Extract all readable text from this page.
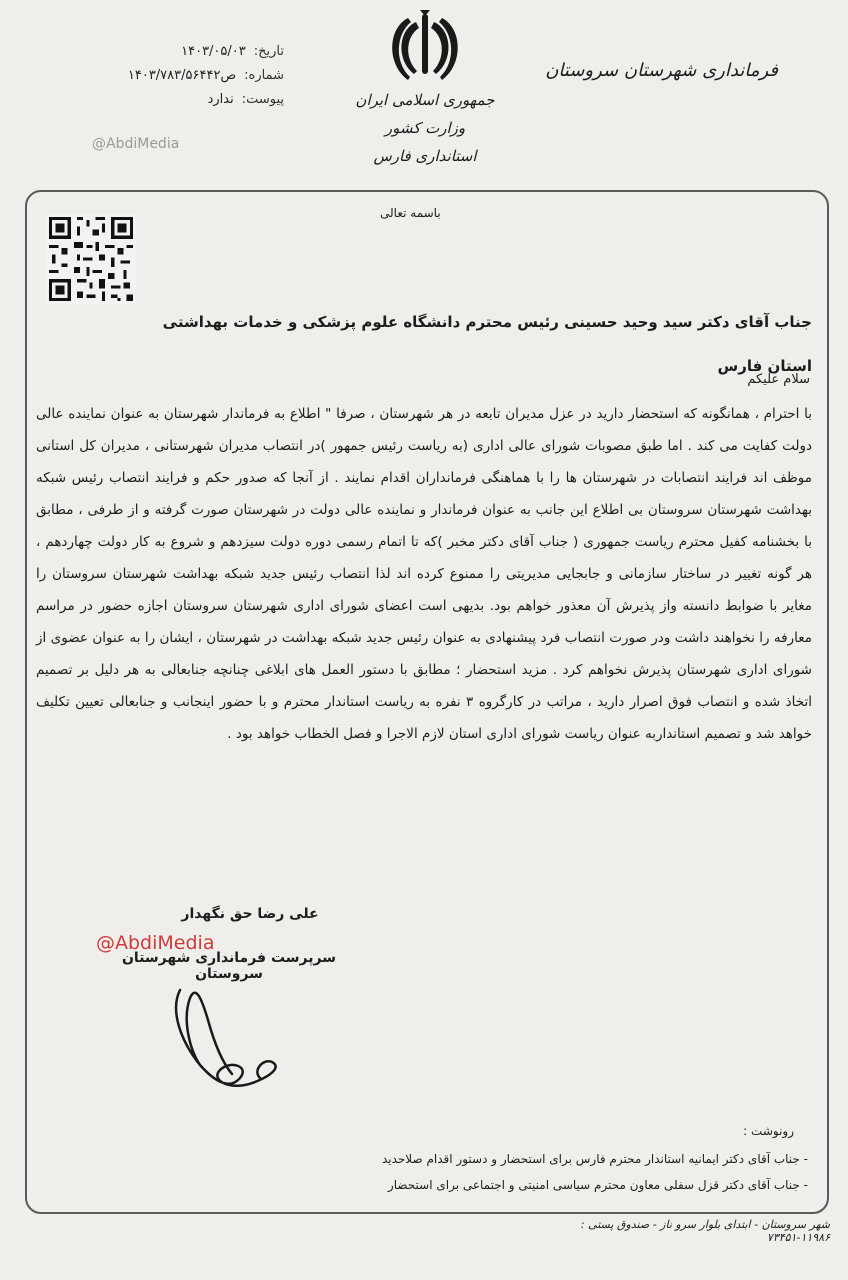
تاریخ:
۱۴۰۳/۰۵/۰۳
شماره:
ص۱۴۰۳/۷۸۳/۵۶۴۴۲
پیوست:
ندارد
@AbdiMedia
جمهوری اسلامی ایران
وزارت کشور
استانداری فارس
فرمانداری شهرستان سروستان
باسمه تعالی
جناب آقای دکتر سید وحید حسینی رئیس محترم دانشگاه علوم پزشکی و خدمات بهداشتی
استان فارس
سلام علیکم
با احترام ، همانگونه که استحضار دارید در عزل مدیران تابعه در هر شهرستان ، صرفا " اطلاع به فرماندار شهرستان به عنوان نماینده عالی دولت کفایت می کند . اما طبق مصوبات شورای عالی اداری (به ریاست رئیس جمهور )در انتصاب مدیران شهرستانی ، مدیران کل استانی موظف اند فرایند انتصابات در شهرستان ها را با هماهنگی فرمانداران اقدام نمایند . از آنجا که صدور حکم و فرایند انتصاب رئیس شبکه بهداشت شهرستان سروستان بی اطلاع این جانب به عنوان فرماندار و نماینده عالی دولت در شهرستان صورت گرفته و از طرفی ، مطابق با بخشنامه کفیل محترم ریاست جمهوری ( جناب آقای دکتر مخبر )که تا اتمام رسمی دوره دولت سیزدهم و شروع به کار دولت چهاردهم ، هر گونه تغییر در ساختار سازمانی و جابجایی مدیریتی را ممنوع کرده اند لذا انتصاب رئیس جدید شبکه بهداشت شهرستان سروستان را مغایر با ضوابط دانسته واز پذیرش آن معذور خواهم بود. بدیهی است اعضای شورای اداری شهرستان سروستان اجازه حضور در مراسم معارفه را نخواهند داشت ودر صورت انتصاب فرد پیشنهادی به عنوان رئیس جدید شبکه بهداشت در شهرستان ، ایشان را به عنوان عضوی از شورای اداری شهرستان پذیرش نخواهم کرد . مزید استحضار ؛ مطابق با دستور العمل های ابلاغی چنانچه جنابعالی به هر دلیل بر تصمیم اتخاذ شده و انتصاب فوق اصرار دارید ، مراتب در کارگروه ۳ نفره به ریاست استاندار محترم و با حضور اینجانب و جنابعالی تعیین تکلیف خواهد شد و تصمیم استانداربه عنوان ریاست شورای اداری استان لازم الاجرا و فصل الخطاب خواهد بود .
علی رضا حق نگهدار
@AbdiMedia
سرپرست فرمانداری شهرستان سروستان
رونوشت :
- جناب آقای دکتر ایمانیه استاندار محترم فارس برای استحضار و دستور اقدام صلاحدید
- جناب آقای دکتر قزل سفلی معاون محترم سیاسی امنیتی و اجتماعی برای استحضار
شهر سروستان - ابتدای بلوار سرو ناز - صندوق پستی : ۱۱۹۸۶-۷۳۴۵۱
